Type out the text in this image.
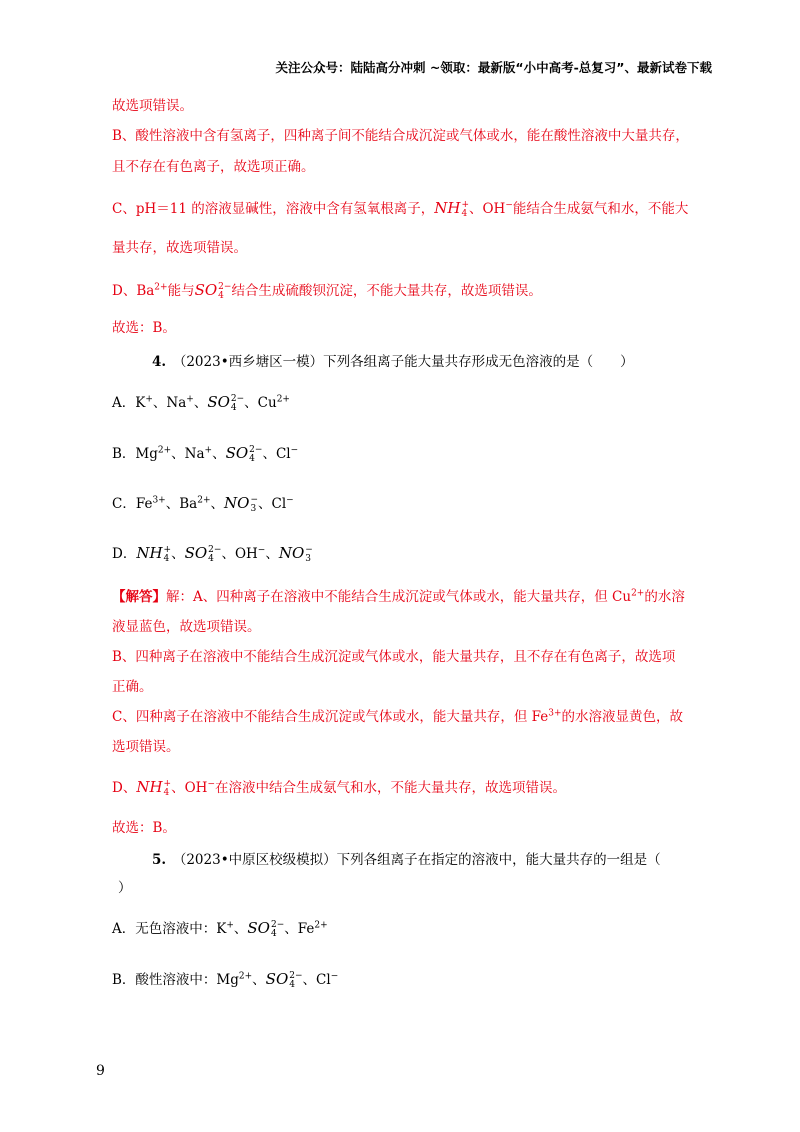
关注公众号：陆陆高分冲刺 ~领取：最新版“小中高考-总复习”、最新试卷下载
故选项错误。
B、酸性溶液中含有氢离子，四种离子间不能结合成沉淀或气体或水，能在酸性溶液中大量共存，
且不存在有色离子，故选项正确。
C、pH＝11 的溶液显碱性，溶液中含有氢氧根离子，NH +
4 、OH−能结合生成氨气和水，不能大
量共存，故选项错误。
D、$Ba^{2+}$能与SO 2−
4 结合生成硫酸钡沉淀，不能大量共存，故选项错误。
故选：B。
4.　 （2023•西乡塘区一模）下列各组离子能大量共存形成无色溶液的是（　　）
A．K+、Na+、SO 2−
4 、$Cu^{2+}$
B．$Mg^{2+}$、Na+、SO 2−
4 、Cl−
C．$Fe^{3+}$、$Ba^{2+}$、NO −
3 、Cl−
D．NH +
4 、SO 2−
4 、OH−、NO −
3
【解答】解：A、四种离子在溶液中不能结合生成沉淀或气体或水，能大量共存，但 $Cu^{2+}$的水溶
液显蓝色，故选项错误。
B、四种离子在溶液中不能结合生成沉淀或气体或水，能大量共存，且不存在有色离子，故选项
正确。
C、四种离子在溶液中不能结合生成沉淀或气体或水，能大量共存，但 $Fe^{3+}$的水溶液显黄色，故
选项错误。
D、NH +
4 、OH−在溶液中结合生成氨气和水，不能大量共存，故选项错误。
故选：B。
5.　 （2023•中原区校级模拟）下列各组离子在指定的溶液中，能大量共存的一组是（
）
A．无色溶液中：K+、SO 2−
4 、$Fe^{2+}$
B．酸性溶液中：$Mg^{2+}$、SO 2−
4 、Cl−
9
